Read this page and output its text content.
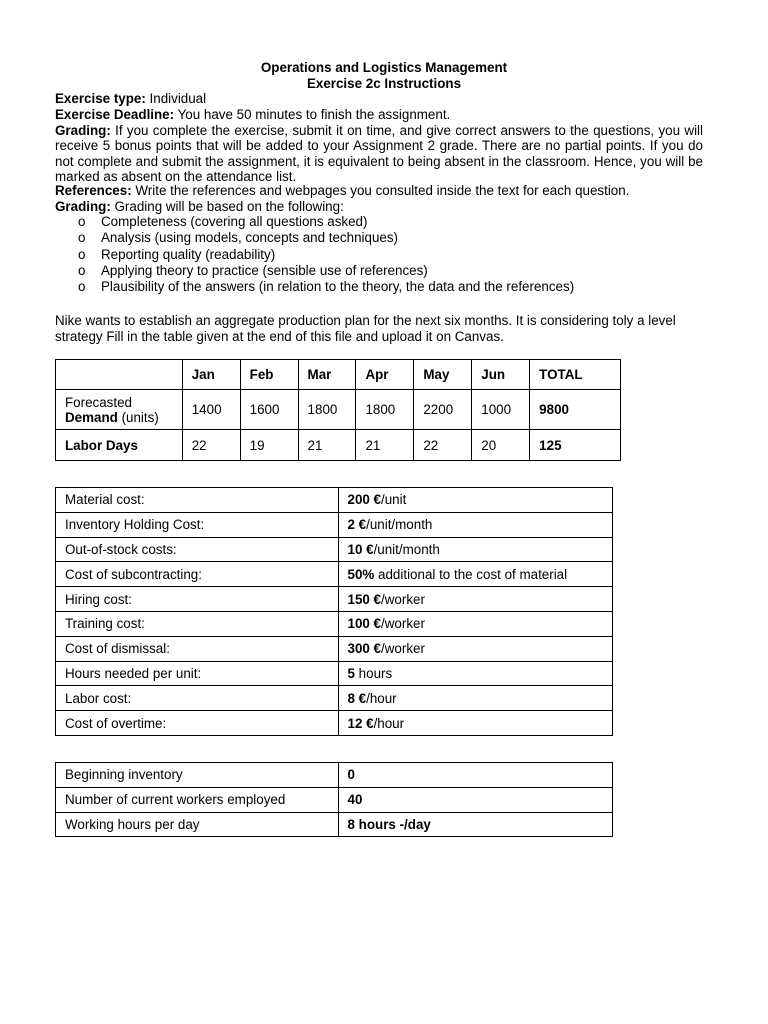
Operations and Logistics Management
Exercise 2c Instructions
Exercise type: Individual
Exercise Deadline: You have 50 minutes to finish the assignment.
Grading: If you complete the exercise, submit it on time, and give correct answers to the questions, you will receive 5 bonus points that will be added to your Assignment 2 grade. There are no partial points. If you do not complete and submit the assignment, it is equivalent to being absent in the classroom. Hence, you will be marked as absent on the attendance list.
References: Write the references and webpages you consulted inside the text for each question.
Grading: Grading will be based on the following:
o Completeness (covering all questions asked)
o Analysis (using models, concepts and techniques)
o Reporting quality (readability)
o Applying theory to practice (sensible use of references)
o Plausibility of the answers (in relation to the theory, the data and the references)
Nike wants to establish an aggregate production plan for the next six months. It is considering toly a level strategy Fill in the table given at the end of this file and upload it on Canvas.
	Jan	Feb	Mar	Apr	May	Jun	TOTAL
Forecasted
Demand (units)	1400	1600	1800	1800	2200	1000	9800
Labor Days	22	19	21	21	22	20	125
Material cost:	200 €/unit
Inventory Holding Cost:	2 €/unit/month
Out-of-stock costs:	10 €/unit/month
Cost of subcontracting:	50% additional to the cost of material
Hiring cost:	150 €/worker
Training cost:	100 €/worker
Cost of dismissal:	300 €/worker
Hours needed per unit:	5 hours
Labor cost:	8 €/hour
Cost of overtime:	12 €/hour
Beginning inventory	0
Number of current workers employed	40
Working hours per day	8 hours -/day
